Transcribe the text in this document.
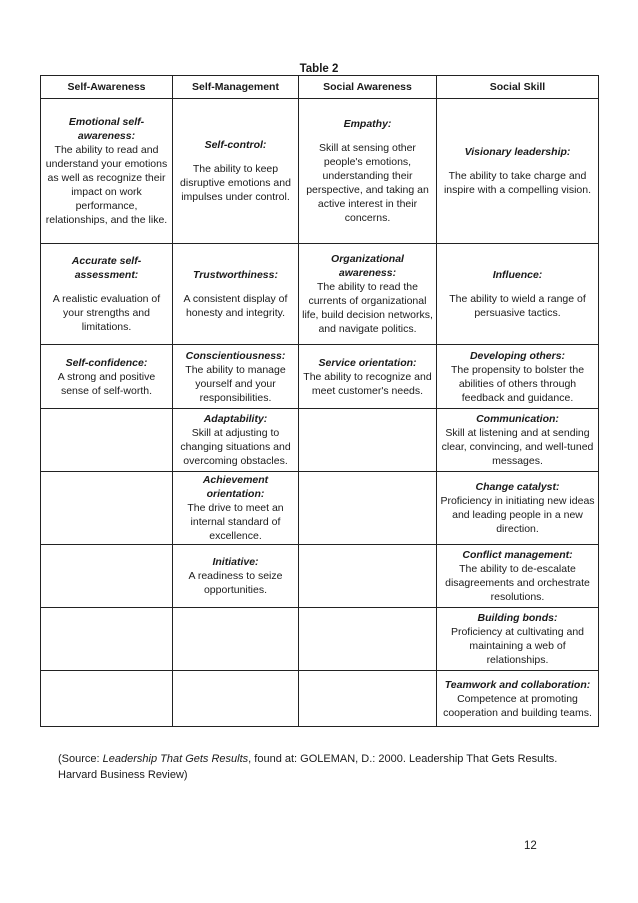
Table 2
Self-Awareness	Self-Management	Social Awareness	Social Skill

Emotional self-awareness:
The ability to read and understand your emotions as well as recognize their impact on work performance, relationships, and the like.	Self-control:
The ability to keep disruptive emotions and impulses under control.	Empathy:
Skill at sensing other people's emotions, understanding their perspective, and taking an active interest in their concerns.	Visionary leadership:
The ability to take charge and inspire with a compelling vision.

Accurate self-assessment:
A realistic evaluation of your strengths and limitations.	Trustworthiness:
A consistent display of honesty and integrity.	Organizational awareness:
The ability to read the currents of organizational life, build decision networks, and navigate politics.	Influence:
The ability to wield a range of persuasive tactics.

Self-confidence:
A strong and positive sense of self-worth.	Conscientiousness:
The ability to manage yourself and your responsibilities.	Service orientation:
The ability to recognize and meet customer's needs.	Developing others:
The propensity to bolster the abilities of others through feedback and guidance.

	Adaptability:
Skill at adjusting to changing situations and overcoming obstacles.		Communication:
Skill at listening and at sending clear, convincing, and well-tuned messages.

	Achievement orientation:
The drive to meet an internal standard of excellence.		Change catalyst:
Proficiency in initiating new ideas and leading people in a new direction.

	Initiative:
A readiness to seize opportunities.		Conflict management:
The ability to de-escalate disagreements and orchestrate resolutions.

			Building bonds:
Proficiency at cultivating and maintaining a web of relationships.

			Teamwork and collaboration:
Competence at promoting cooperation and building teams.
(Source: Leadership That Gets Results, found at: GOLEMAN, D.: 2000. Leadership That Gets Results. Harvard Business Review)
12
